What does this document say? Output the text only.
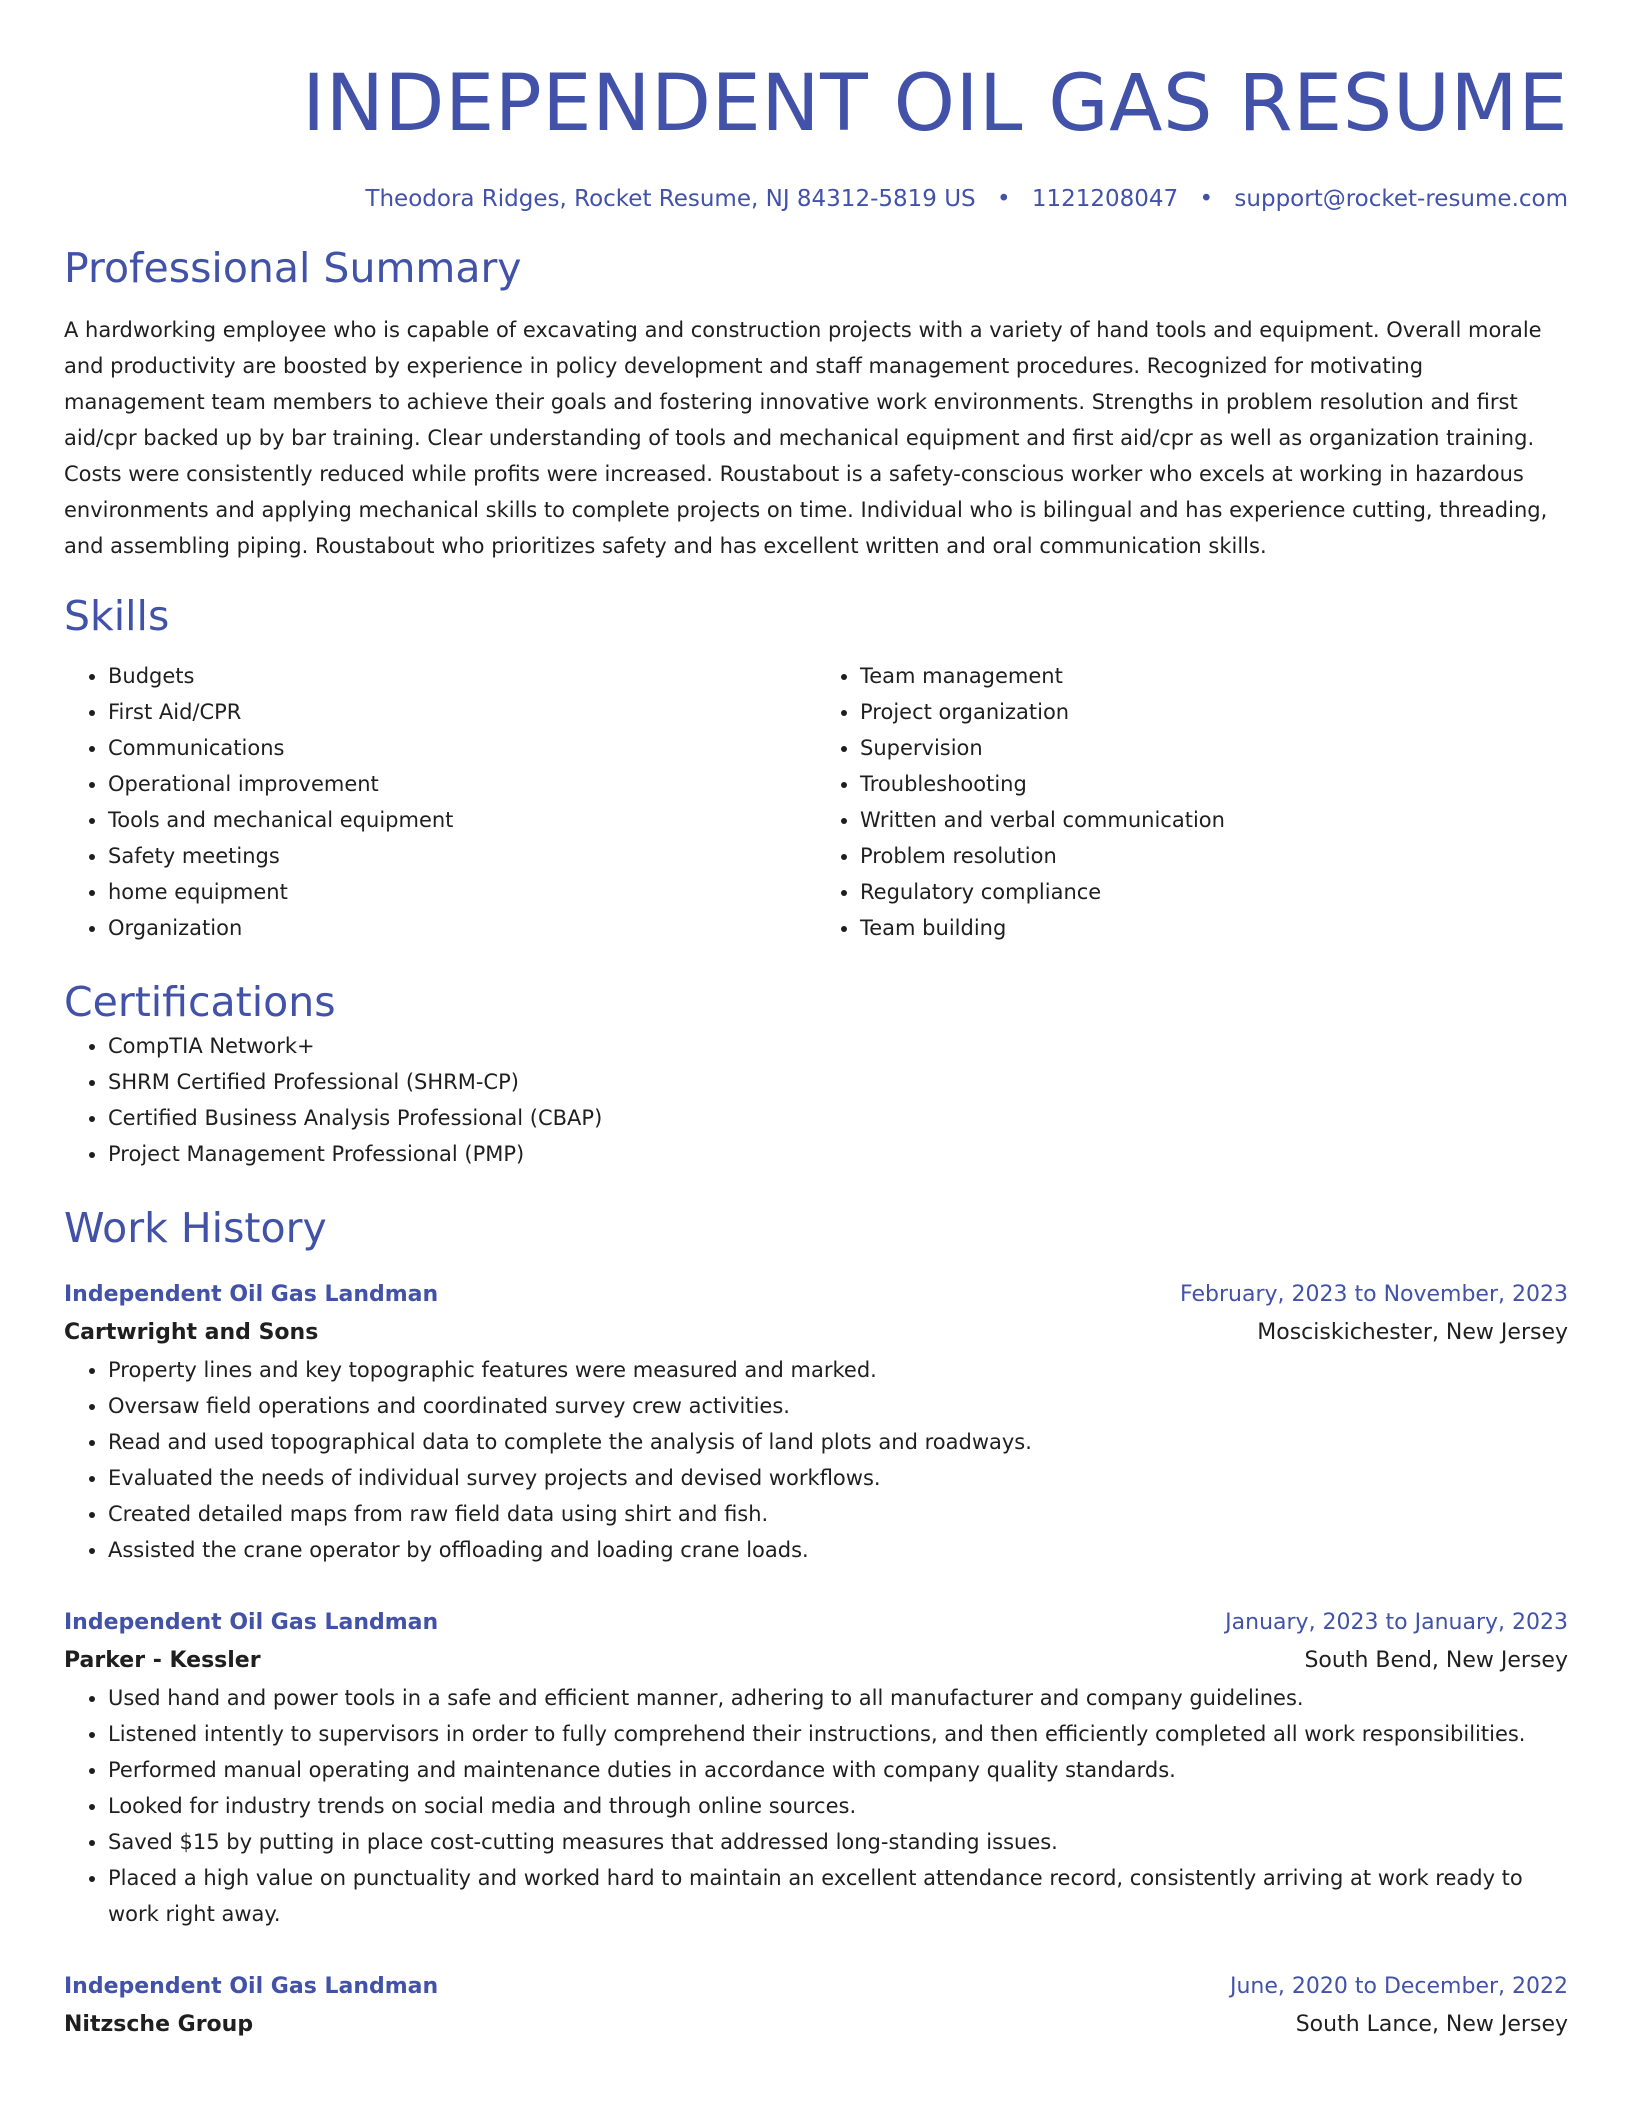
INDEPENDENT OIL GAS RESUME
Theodora Ridges, Rocket Resume, NJ 84312-5819 US • 1121208047 • support@rocket-resume.com
Professional Summary

A hardworking employee who is capable of excavating and construction projects with a variety of hand tools and equipment. Overall morale and productivity are boosted by experience in policy development and staff management procedures. Recognized for motivating management team members to achieve their goals and fostering innovative work environments. Strengths in problem resolution and first aid/cpr backed up by bar training. Clear understanding of tools and mechanical equipment and first aid/cpr as well as organization training. Costs were consistently reduced while profits were increased. Roustabout is a safety-conscious worker who excels at working in hazardous environments and applying mechanical skills to complete projects on time. Individual who is bilingual and has experience cutting, threading, and assembling piping. Roustabout who prioritizes safety and has excellent written and oral communication skills.

Skills
• Budgets
• First Aid/CPR
• Communications
• Operational improvement
• Tools and mechanical equipment
• Safety meetings
• home equipment
• Organization
• Team management
• Project organization
• Supervision
• Troubleshooting
• Written and verbal communication
• Problem resolution
• Regulatory compliance
• Team building
Certifications
• CompTIA Network+
• SHRM Certified Professional (SHRM-CP)
• Certified Business Analysis Professional (CBAP)
• Project Management Professional (PMP)
Work History
Independent Oil Gas Landman	February, 2023 to November, 2023
Cartwright and Sons	Mosciskichester, New Jersey
• Property lines and key topographic features were measured and marked.
• Oversaw field operations and coordinated survey crew activities.
• Read and used topographical data to complete the analysis of land plots and roadways.
• Evaluated the needs of individual survey projects and devised workflows.
• Created detailed maps from raw field data using shirt and fish.
• Assisted the crane operator by offloading and loading crane loads.
Independent Oil Gas Landman	January, 2023 to January, 2023
Parker - Kessler	South Bend, New Jersey
• Used hand and power tools in a safe and efficient manner, adhering to all manufacturer and company guidelines.
• Listened intently to supervisors in order to fully comprehend their instructions, and then efficiently completed all work responsibilities.
• Performed manual operating and maintenance duties in accordance with company quality standards.
• Looked for industry trends on social media and through online sources.
• Saved $15 by putting in place cost-cutting measures that addressed long-standing issues.
• Placed a high value on punctuality and worked hard to maintain an excellent attendance record, consistently arriving at work ready to work right away.
Independent Oil Gas Landman	June, 2020 to December, 2022
Nitzsche Group	South Lance, New Jersey
